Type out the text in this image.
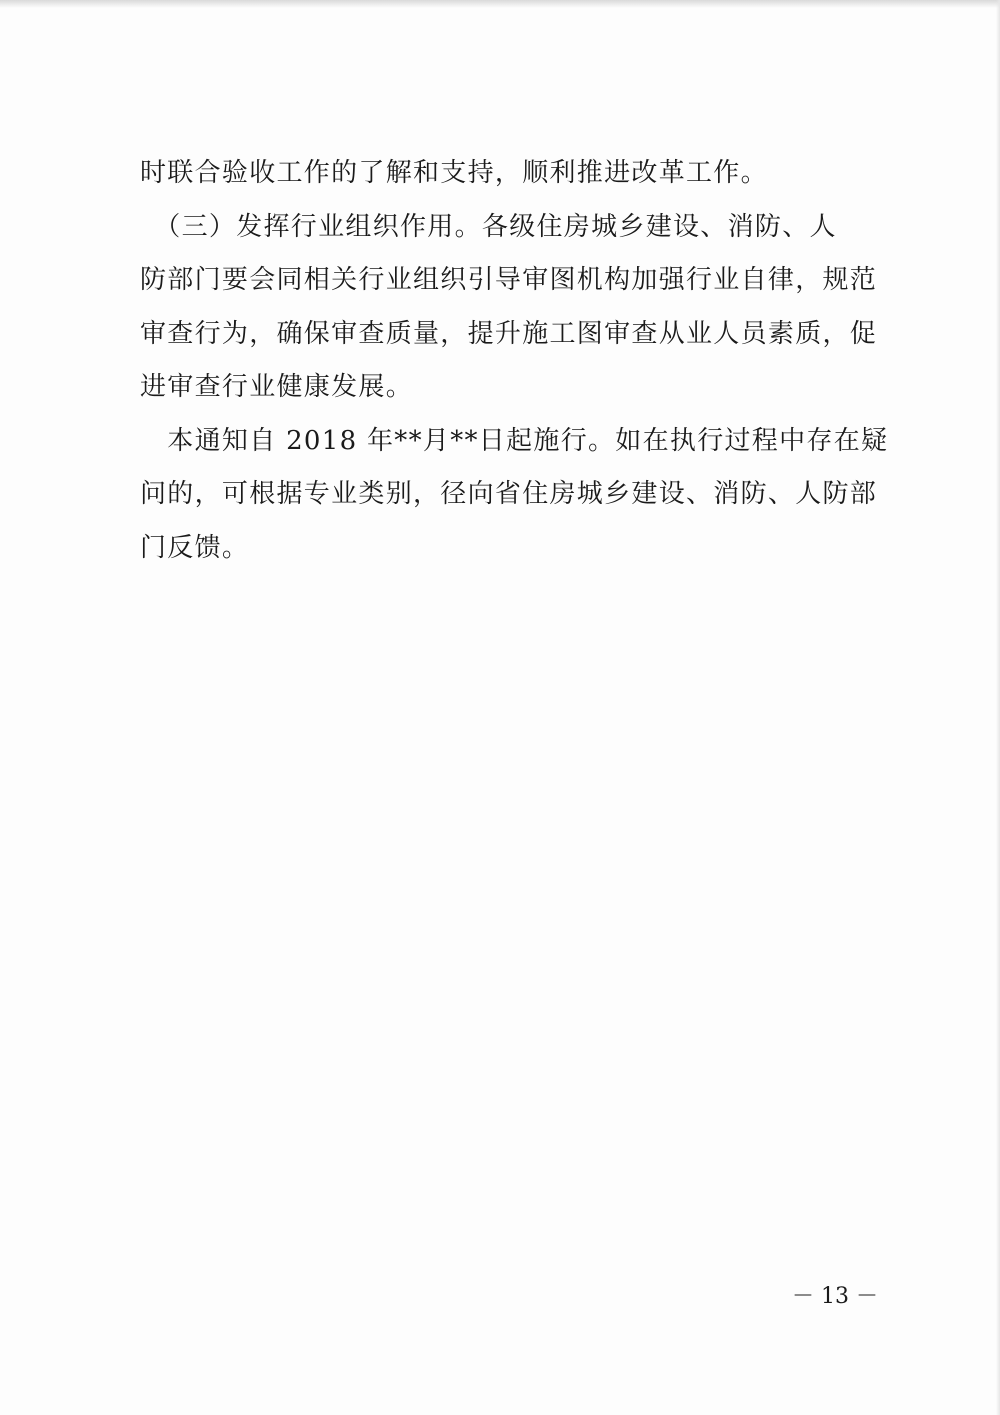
时联合验收工作的了解和支持，顺利推进改革工作。
　（三）发挥行业组织作用。各级住房城乡建设、消防、人
防部门要会同相关行业组织引导审图机构加强行业自律，规范
审查行为，确保审查质量，提升施工图审查从业人员素质，促
进审查行业健康发展。
　本通知自 2018 年**月**日起施行。如在执行过程中存在疑
问的，可根据专业类别，径向省住房城乡建设、消防、人防部
门反馈。
－ 13 －
